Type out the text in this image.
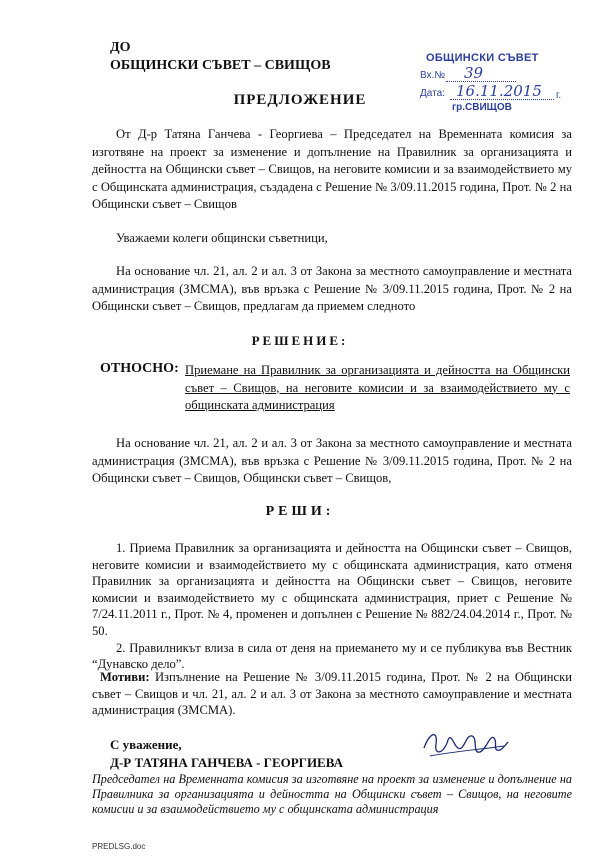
ДО
ОБЩИНСКИ СЪВЕТ – СВИЩОВ	ОБЩИНСКИ СЪВЕТ
Вх.№ 39
Дата: 16.11.2015 г.
гр.СВИЩОВ
ПРЕДЛОЖЕНИЕ
От Д-р Татяна Ганчева - Георгиева – Председател на Временната комисия за изготвяне на проект за изменение и допълнение на Правилник за организацията и дейността на Общински съвет – Свищов, на неговите комисии и за взаимодействието му с Общинската администрация, създадена с Решение № 3/09.11.2015 година, Прот. № 2 на Общински съвет – Свищов
Уважаеми колеги общински съветници,
На основание чл. 21, ал. 2 и ал. 3 от Закона за местното самоуправление и местната администрация (ЗМСМА), във връзка с Решение № 3/09.11.2015 година, Прот. № 2 на Общински съвет – Свищов, предлагам да приемем следното
РЕШЕНИЕ:
ОТНОСНО: Приемане на Правилник за организацията и дейността на Общински съвет – Свищов, на неговите комисии и за взаимодействието му с общинската администрация
На основание чл. 21, ал. 2 и ал. 3 от Закона за местното самоуправление и местната администрация (ЗМСМА), във връзка с Решение № 3/09.11.2015 година, Прот. № 2 на Общински съвет – Свищов, Общински съвет – Свищов,
РЕШИ:
1. Приема Правилник за организацията и дейността на Общински съвет – Свищов, неговите комисии и взаимодействието му с общинската администрация, като отменя Правилник за организацията и дейността на Общински съвет – Свищов, неговите комисии и взаимодействието му с общинската администрация, приет с Решение № 7/24.11.2011 г., Прот. № 4, променен и допълнен с Решение № 882/24.04.2014 г., Прот. № 50.
2. Правилникът влиза в сила от деня на приемането му и се публикува във Вестник “Дунавско дело”.
Мотиви: Изпълнение на Решение № 3/09.11.2015 година, Прот. № 2 на Общински съвет – Свищов и чл. 21, ал. 2 и ал. 3 от Закона за местното самоуправление и местната администрация (ЗМСМА).
С уважение,
Д-Р ТАТЯНА ГАНЧЕВА - ГЕОРГИЕВА
Председател на Временната комисия за изготвяне на проект за изменение и допълнение на Правилника за организацията и дейността на Общински съвет – Свищов, на неговите комисии и за взаимодействието му с общинската администрация
PREDLSG.doc
